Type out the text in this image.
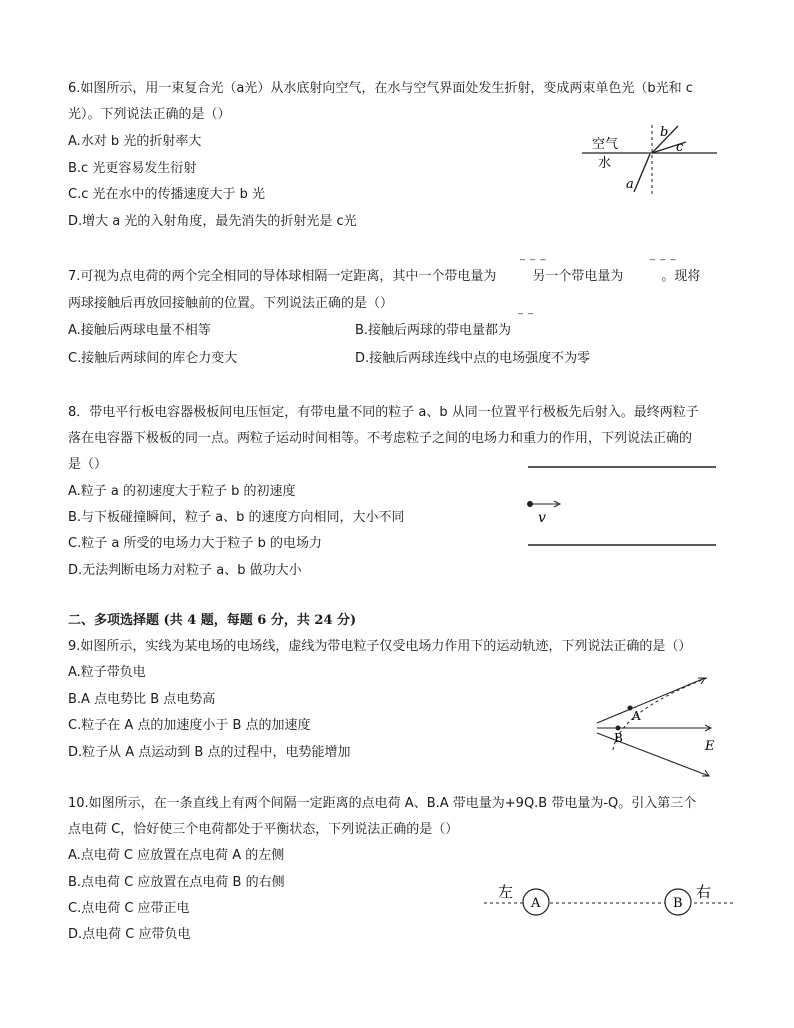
6.如图所示，用一束复合光（a光）从水底射向空气，在水与空气界面处发生折射，变成两束单色光（b光和 c
光）。下列说法正确的是（）
A.水对 b 光的折射率大
B.c 光更容易发生衍射
C.c 光在水中的传播速度大于 b 光
D.增大 a 光的入射角度，最先消失的折射光是 c光
空气
水
a
b
c
7.可视为点电荷的两个完全相同的导体球相隔一定距离，其中一个带电量为	另一个带电量为	。现将
‾ ‾ ‾	‾ ‾ ‾
两球接触后再放回接触前的位置。下列说法正确的是（）
A.接触后两球电量不相等	B.接触后两球的带电量都为
‾ ‾
C.接触后两球间的库仑力变大	D.接触后两球连线中点的电场强度不为零
8．带电平行板电容器极板间电压恒定，有带电量不同的粒子 a、b 从同一位置平行极板先后射入。最终两粒子
落在电容器下极板的同一点。两粒子运动时间相等。不考虑粒子之间的电场力和重力的作用，下列说法正确的
是（）
A.粒子 a 的初速度大于粒子 b 的初速度
B.与下板碰撞瞬间，粒子 a、b 的速度方向相同，大小不同
C.粒子 a 所受的电场力大于粒子 b 的电场力
D.无法判断电场力对粒子 a、b 做功大小
v
二、多项选择题 (共 4 题，每题 6 分，共 24 分)
9.如图所示，实线为某电场的电场线，虚线为带电粒子仅受电场力作用下的运动轨迹，下列说法正确的是（）
A.粒子带负电
B.A 点电势比 B 点电势高
C.粒子在 A 点的加速度小于 B 点的加速度
D.粒子从 A 点运动到 B 点的过程中，电势能增加
A
B
E
10.如图所示，在一条直线上有两个间隔一定距离的点电荷 A、B.A 带电量为+9Q.B 带电量为-Q。引入第三个
点电荷 C，恰好使三个电荷都处于平衡状态，下列说法正确的是（）
A.点电荷 C 应放置在点电荷 A 的左侧
B.点电荷 C 应放置在点电荷 B 的右侧
C.点电荷 C 应带正电
D.点电荷 C 应带负电
左	右
A	B
